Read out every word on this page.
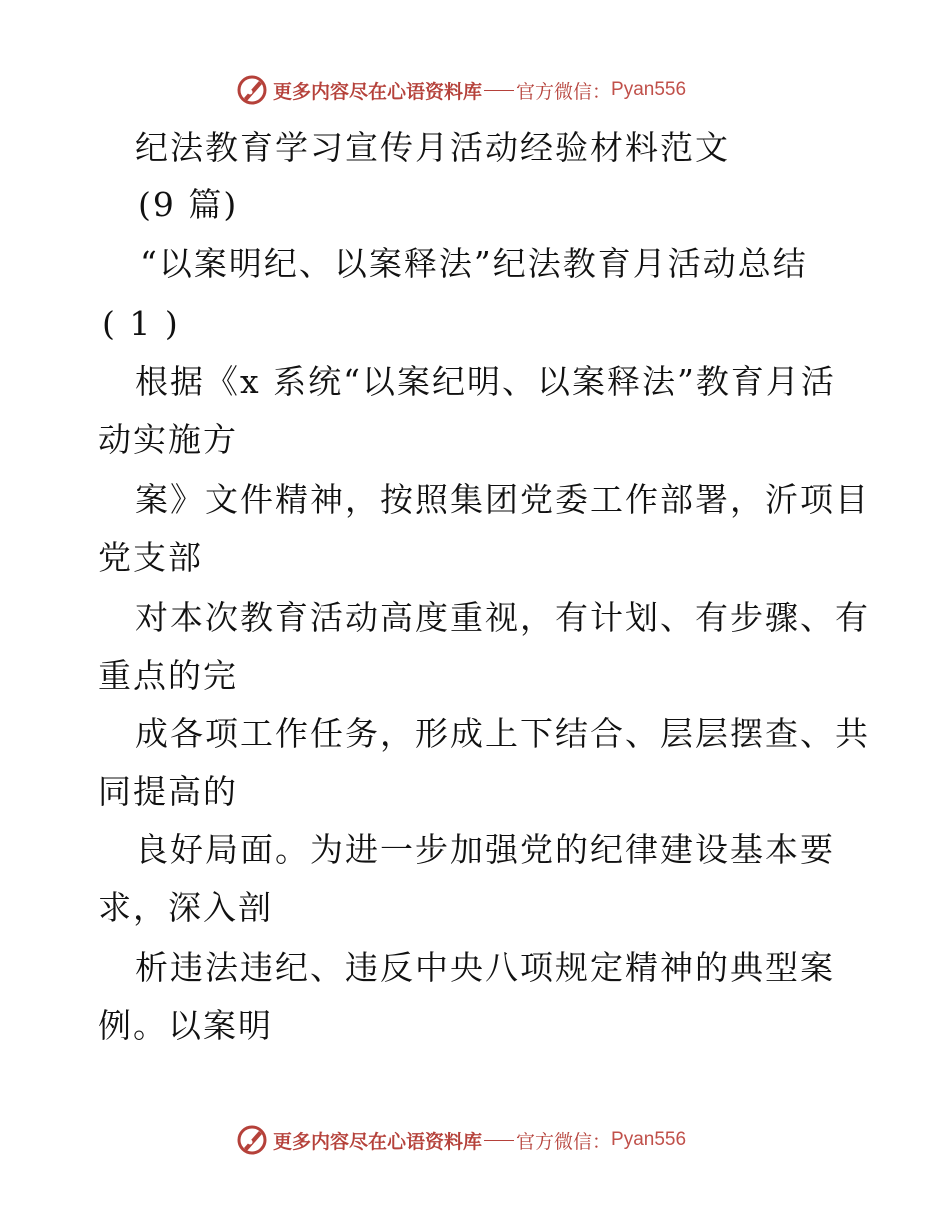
更多内容尽在心语资料库 官方微信： Pyan556
纪法教育学习宣传月活动经验材料范文
(9 篇)
“以案明纪、以案释法”纪法教育月活动总结
( 1 )
根据《x 系统“以案纪明、以案释法”教育月活
动实施方
案》文件精神，按照集团党委工作部署，沂项目
党支部
对本次教育活动高度重视，有计划、有步骤、有
重点的完
成各项工作任务，形成上下结合、层层摆查、共
同提高的
良好局面。为进一步加强党的纪律建设基本要
求，深入剖
析违法违纪、违反中央八项规定精神的典型案
例。以案明
更多内容尽在心语资料库 官方微信： Pyan556
